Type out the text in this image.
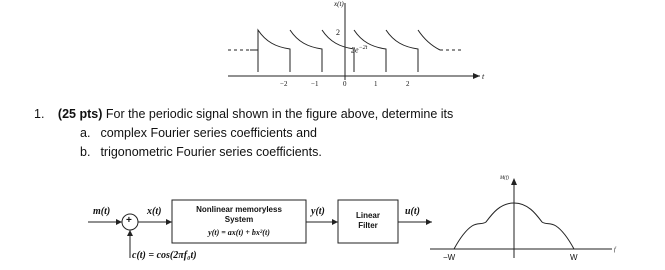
x(t)
2
$2e^{-2t}$
−2	−1	0	1	2
t
1. (25 pts) For the periodic signal shown in the figure above, determine its
a. complex Fourier series coefficients and
b. trigonometric Fourier series coefficients.
m(t)
+
x(t)	Nonlinear memoryless
System
y(t) = ax(t) + bx²(t)
y(t)	Linear
Filter
u(t)
c(t) = cos(2πf₀t)
M(f)
−W	W
f
